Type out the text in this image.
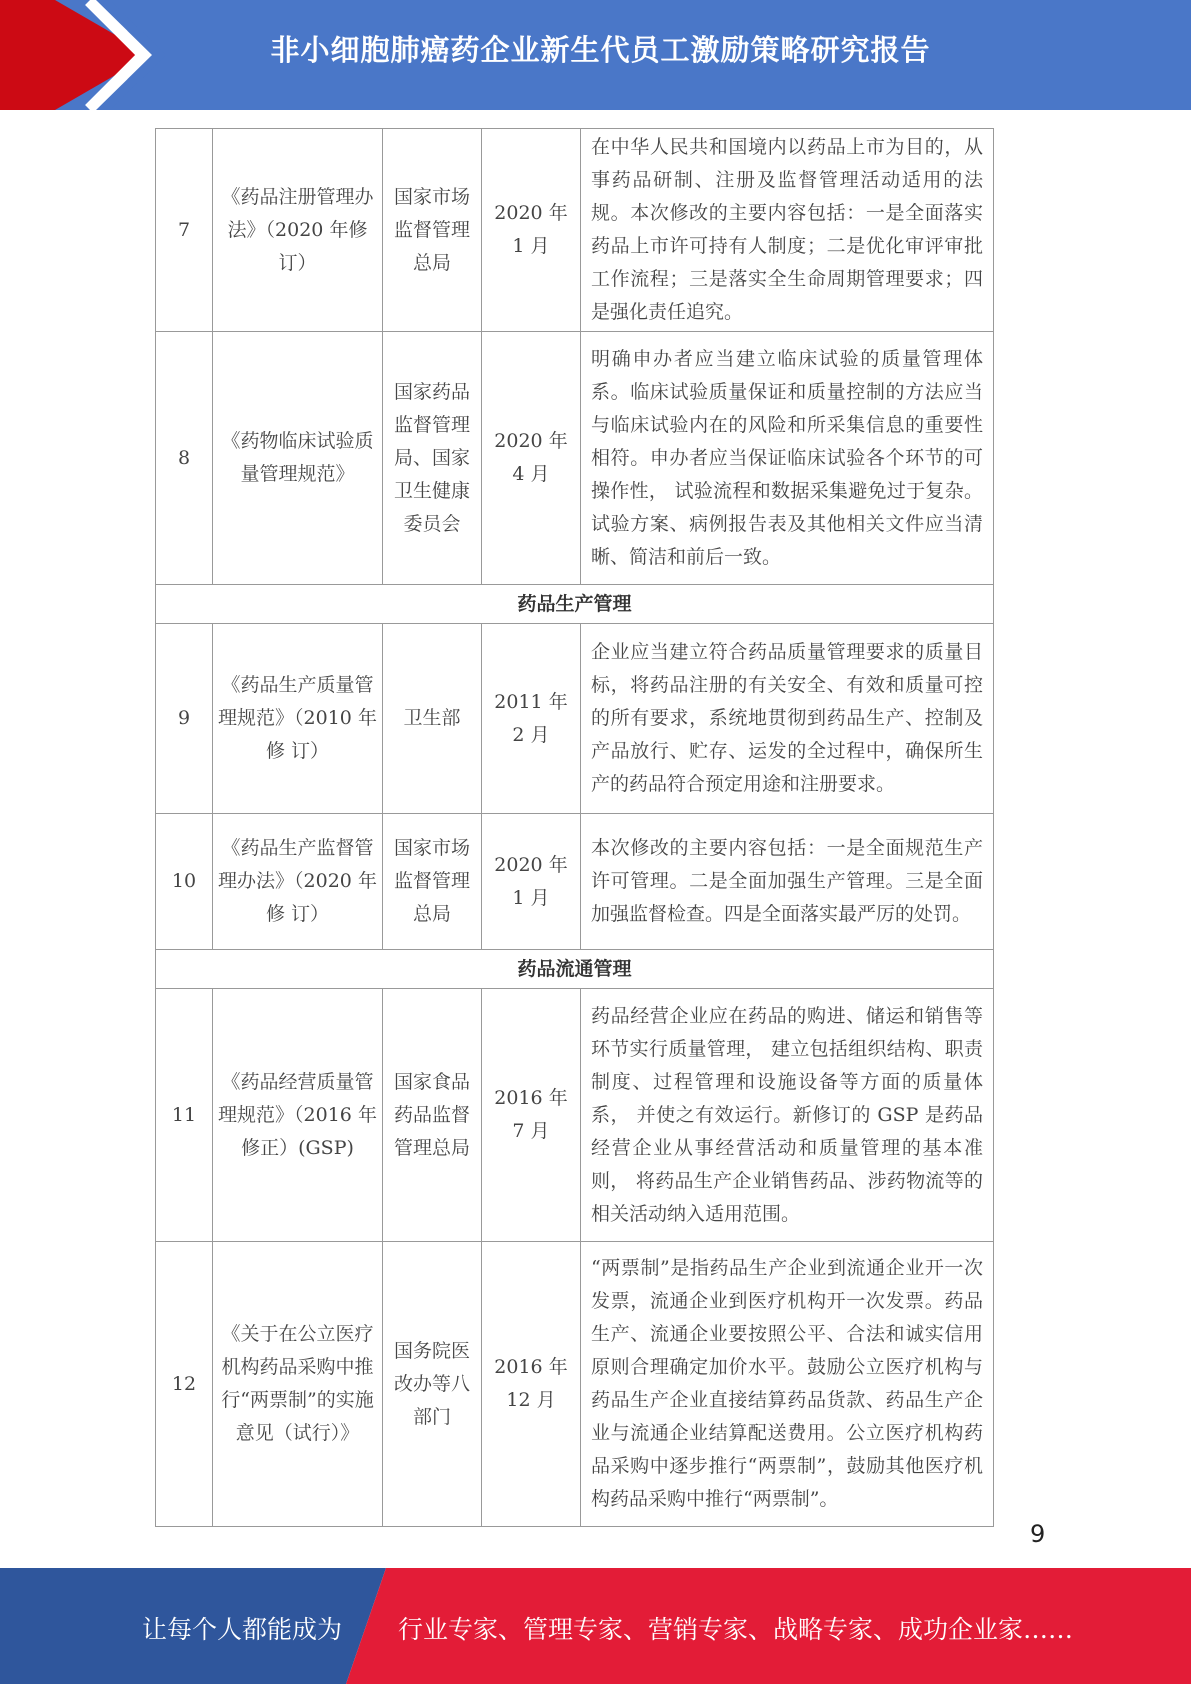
非小细胞肺癌药企业新生代员工激励策略研究报告
7	《药品注册管理办法》（2020 年修 订）	国家市场监督管理总局	2020 年 1 月	在中华人民共和国境内以药品上市为目的，从事药品研制、注册及监督管理活动适用的法规。本次修改的主要内容包括：一是全面落实药品上市许可持有人制度；二是优化审评审批工作流程；三是落实全生命周期管理要求；四是强化责任追究。
8	《药物临床试验质量管理规范》	国家药品监督管理局、国家卫生健康委员会	2020 年 4 月	明确申办者应当建立临床试验的质量管理体系。临床试验质量保证和质量控制的方法应当与临床试验内在的风险和所采集信息的重要性相符。申办者应当保证临床试验各个环节的可操作性， 试验流程和数据采集避免过于复杂。试验方案、病例报告表及其他相关文件应当清晰、简洁和前后一致。
药品生产管理				
9	《药品生产质量管理规范》（2010 年修 订）	卫生部	2011 年 2 月	企业应当建立符合药品质量管理要求的质量目标，将药品注册的有关安全、有效和质量可控的所有要求，系统地贯彻到药品生产、控制及产品放行、贮存、运发的全过程中，确保所生产的药品符合预定用途和注册要求。
10	《药品生产监督管理办法》（2020 年修 订）	国家市场监督管理总局	2020 年 1 月	本次修改的主要内容包括：一是全面规范生产许可管理。二是全面加强生产管理。三是全面加强监督检查。四是全面落实最严厉的处罚。
药品流通管理				
11	《药品经营质量管理规范》（2016 年修正）(GSP)	国家食品药品监督管理总局	2016 年 7 月	药品经营企业应在药品的购进、储运和销售等环节实行质量管理， 建立包括组织结构、职责制度、过程管理和设施设备等方面的质量体系， 并使之有效运行。新修订的 GSP 是药品经营企业从事经营活动和质量管理的基本准则， 将药品生产企业销售药品、涉药物流等的相关活动纳入适用范围。
12	《关于在公立医疗机构药品采购中推行“两票制”的实施意见（试行）》	国务院医改办等八部门	2016 年 12 月	“两票制”是指药品生产企业到流通企业开一次发票，流通企业到医疗机构开一次发票。药品生产、流通企业要按照公平、合法和诚实信用原则合理确定加价水平。鼓励公立医疗机构与药品生产企业直接结算药品货款、药品生产企业与流通企业结算配送费用。公立医疗机构药品采购中逐步推行“两票制”，鼓励其他医疗机构药品采购中推行“两票制”。
9
让每个人都能成为 行业专家、管理专家、营销专家、战略专家、成功企业家……
